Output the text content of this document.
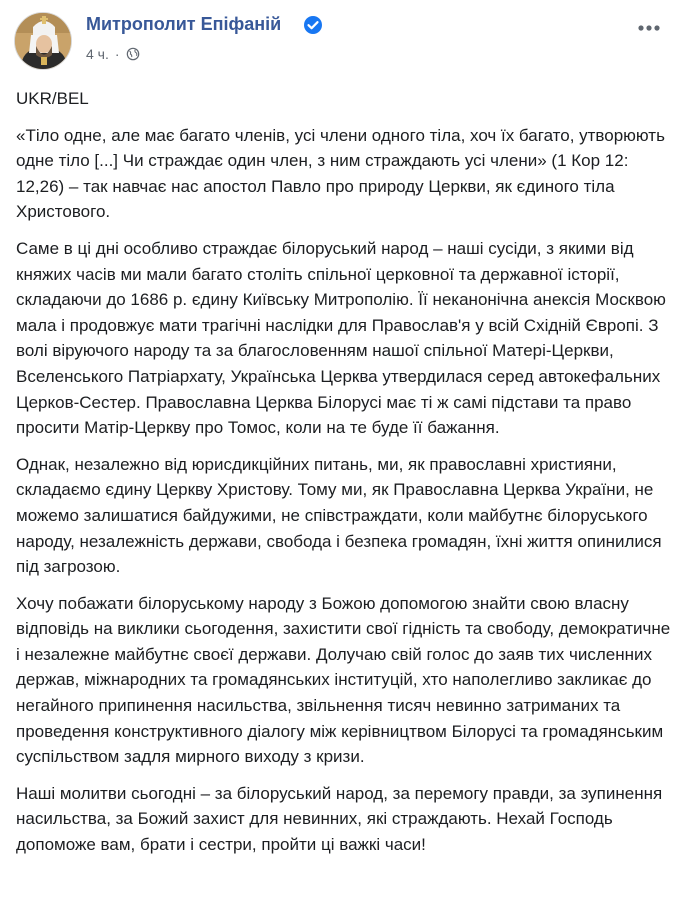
Митрополит Епіфаній
4 ч. ·

UKR/BEL

«Тіло одне, але має багато членів, усі члени одного тіла, хоч їх багато, утворюють одне тіло [...] Чи страждає один член, з ним страждають усі члени» (1 Кор 12: 12,26) – так навчає нас апостол Павло про природу Церкви, як єдиного тіла Христового.

Саме в ці дні особливо страждає білоруський народ – наші сусіди, з якими від княжих часів ми мали багато століть спільної церковної та державної історії, складаючи до 1686 р. єдину Київську Митрополію. Її неканонічна анексія Москвою мала і продовжує мати трагічні наслідки для Православ'я у всій Східній Європі. З волі віруючого народу та за благословенням нашої спільної Матері-Церкви, Вселенського Патріархату, Українська Церква утвердилася серед автокефальних Церков-Сестер. Православна Церква Білорусі має ті ж самі підстави та право просити Матір-Церкву про Томос, коли на те буде її бажання.

Однак, незалежно від юрисдикційних питань, ми, як православні християни, складаємо єдину Церкву Христову. Тому ми, як Православна Церква України, не можемо залишатися байдужими, не співстраждати, коли майбутнє білоруського народу, незалежність держави, свобода і безпека громадян, їхні життя опинилися під загрозою.

Хочу побажати білоруському народу з Божою допомогою знайти свою власну відповідь на виклики сьогодення, захистити свої гідність та свободу, демократичне і незалежне майбутнє своєї держави. Долучаю свій голос до заяв тих численних держав, міжнародних та громадянських інституцій, хто наполегливо закликає до негайного припинення насильства, звільнення тисяч невинно затриманих та проведення конструктивного діалогу між керівництвом Білорусі та громадянським суспільством задля мирного виходу з кризи.

Наші молитви сьогодні – за білоруський народ, за перемогу правди, за зупинення насильства, за Божий захист для невинних, які страждають. Нехай Господь допоможе вам, брати і сестри, пройти ці важкі часи!
